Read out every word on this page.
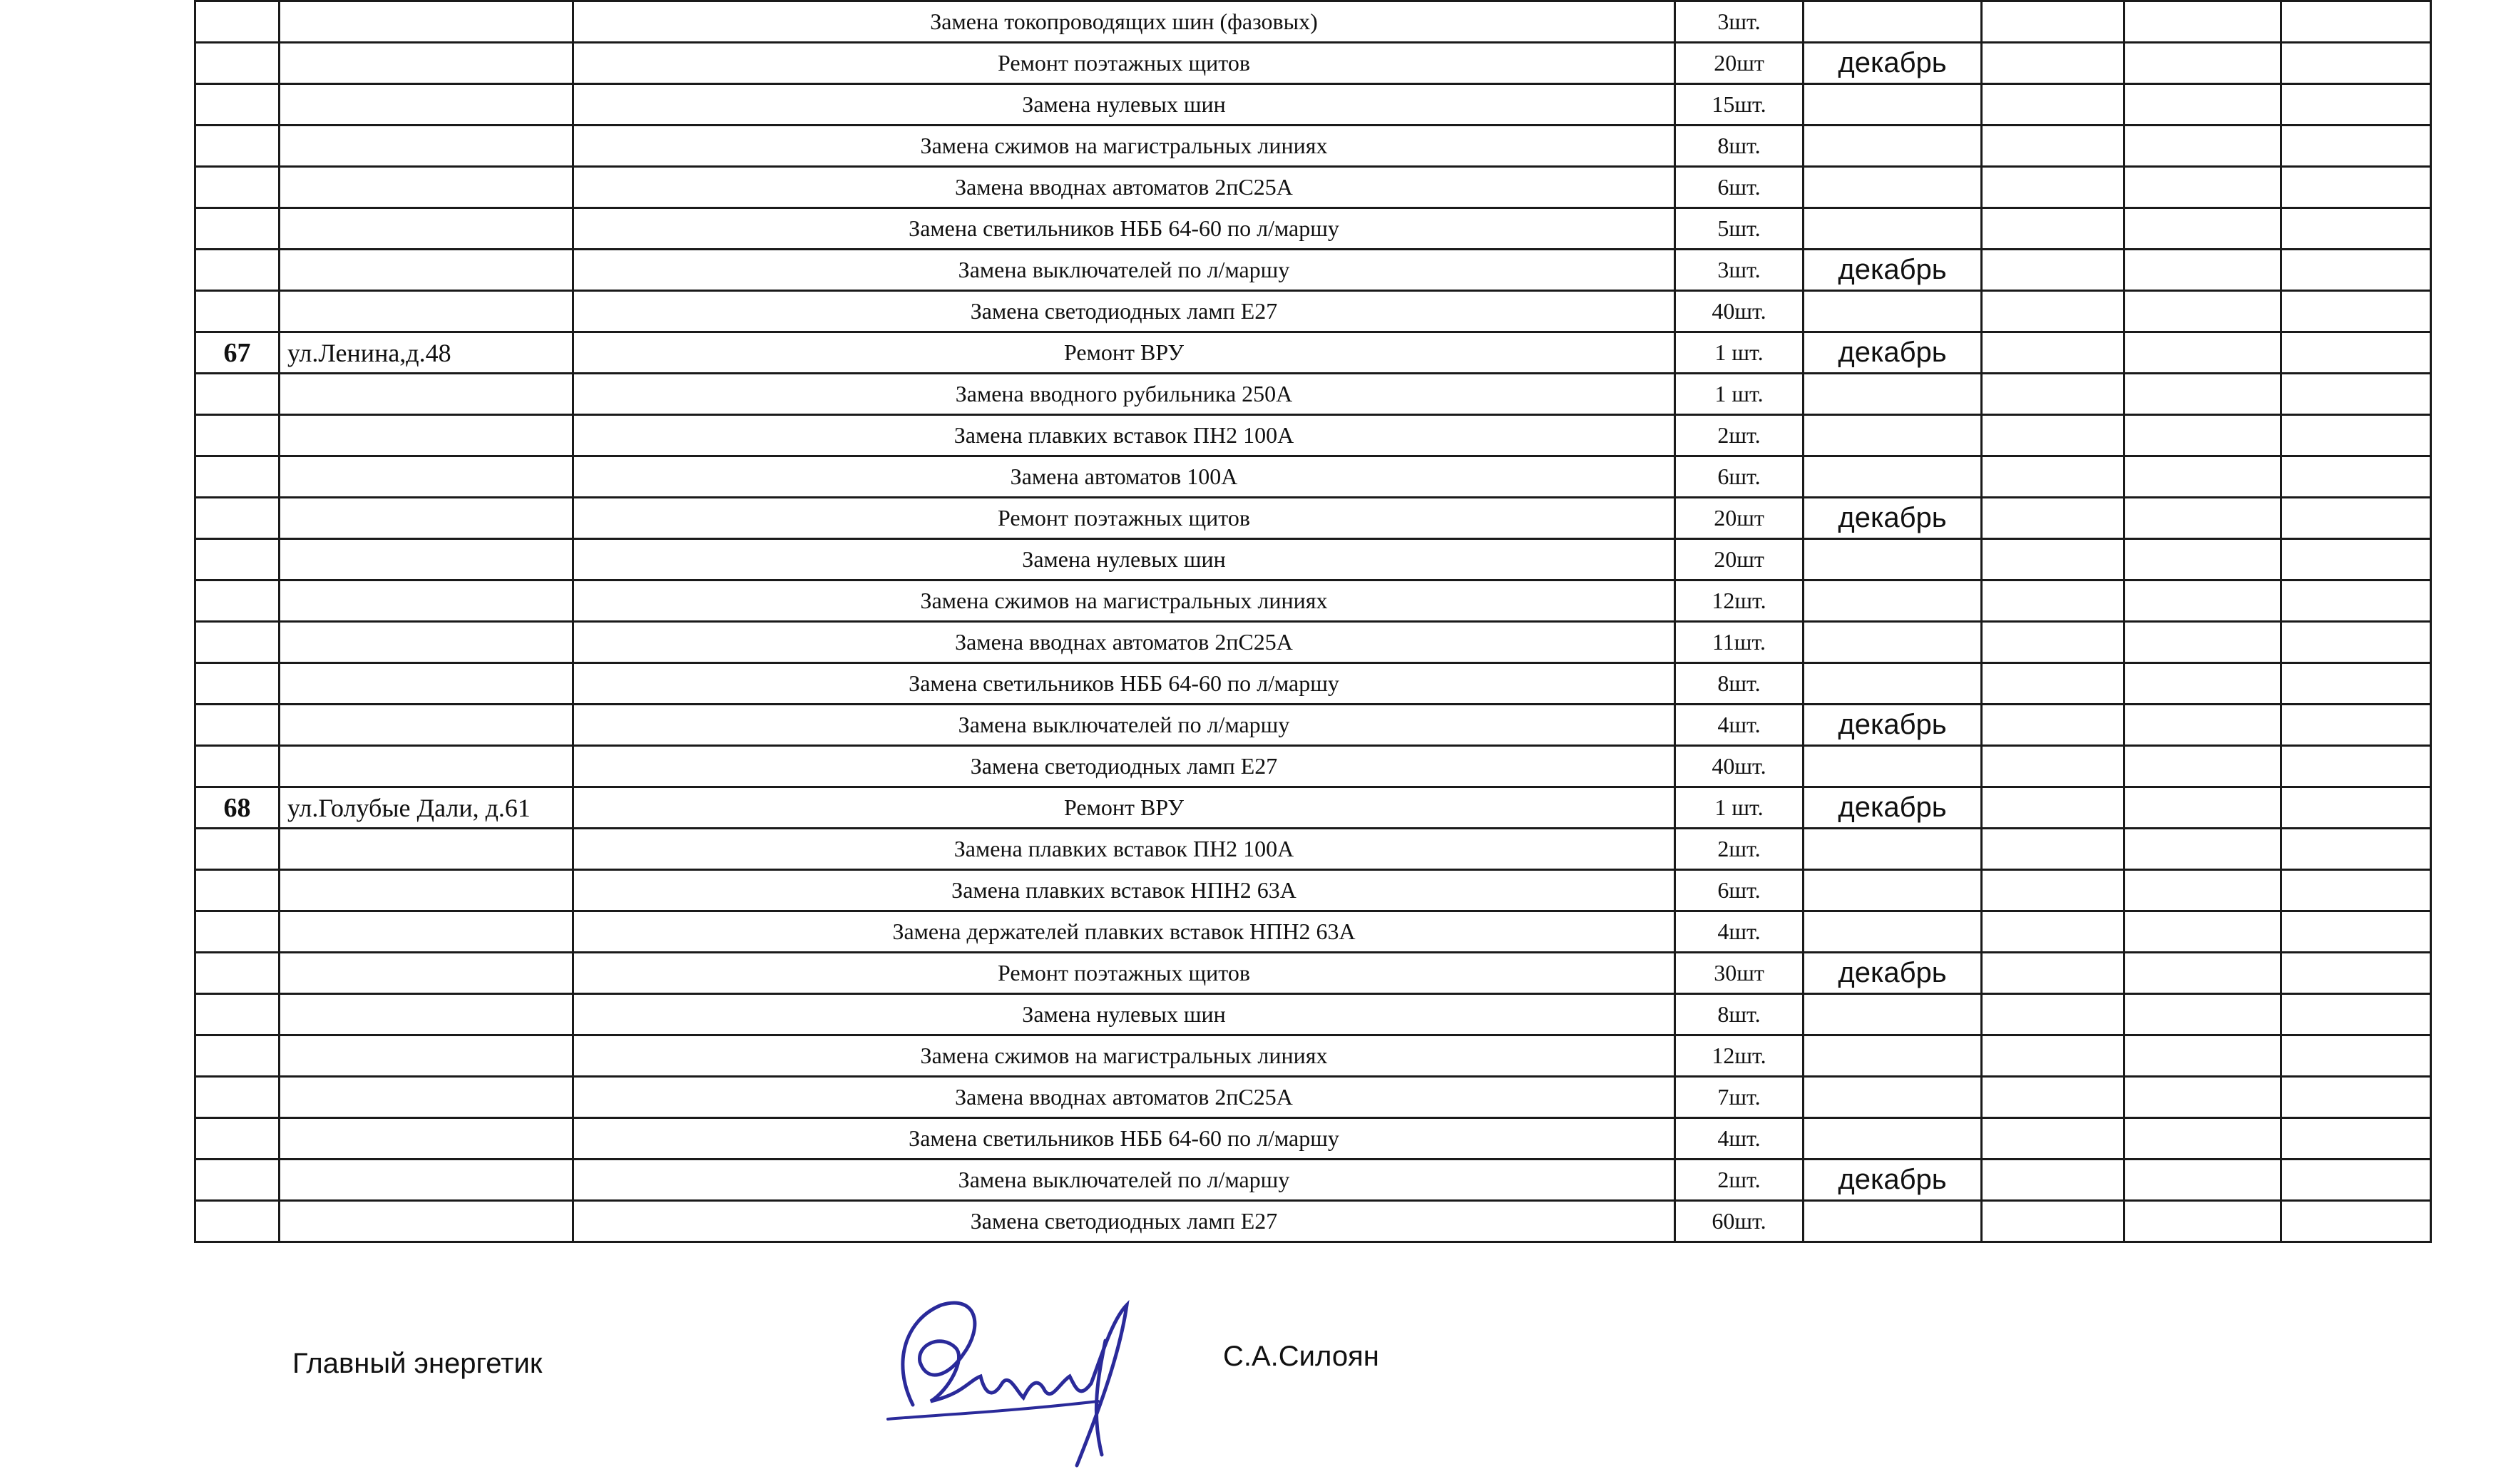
		Замена токопроводящих шин (фазовых)	3шт.				
		Ремонт поэтажных щитов	20шт	декабрь			
		Замена нулевых шин	15шт.				
		Замена сжимов на магистральных линиях	8шт.				
		Замена вводнах автоматов 2пС25А	6шт.				
		Замена светильников НББ 64-60 по л/маршу	5шт.				
		Замена выключателей по л/маршу	3шт.	декабрь			
		Замена светодиодных ламп Е27	40шт.				
67	ул.Ленина,д.48	Ремонт ВРУ	1 шт.	декабрь			
		Замена вводного рубильника 250А	1 шт.				
		Замена плавких вставок ПН2 100А	2шт.				
		Замена автоматов 100А	6шт.				
		Ремонт поэтажных щитов	20шт	декабрь			
		Замена нулевых шин	20шт				
		Замена сжимов на магистральных линиях	12шт.				
		Замена вводнах автоматов 2пС25А	11шт.				
		Замена светильников НББ 64-60 по л/маршу	8шт.				
		Замена выключателей по л/маршу	4шт.	декабрь			
		Замена светодиодных ламп Е27	40шт.				
68	ул.Голубые Дали, д.61	Ремонт ВРУ	1 шт.	декабрь			
		Замена плавких вставок ПН2 100А	2шт.				
		Замена плавких вставок НПН2 63А	6шт.				
		Замена держателей плавких вставок НПН2 63А	4шт.				
		Ремонт поэтажных щитов	30шт	декабрь			
		Замена нулевых шин	8шт.				
		Замена сжимов на магистральных линиях	12шт.				
		Замена вводнах автоматов 2пС25А	7шт.				
		Замена светильников НББ 64-60 по л/маршу	4шт.				
		Замена выключателей по л/маршу	2шт.	декабрь			
		Замена светодиодных ламп Е27	60шт.				
Главный энергетик	С.А.Силоян
